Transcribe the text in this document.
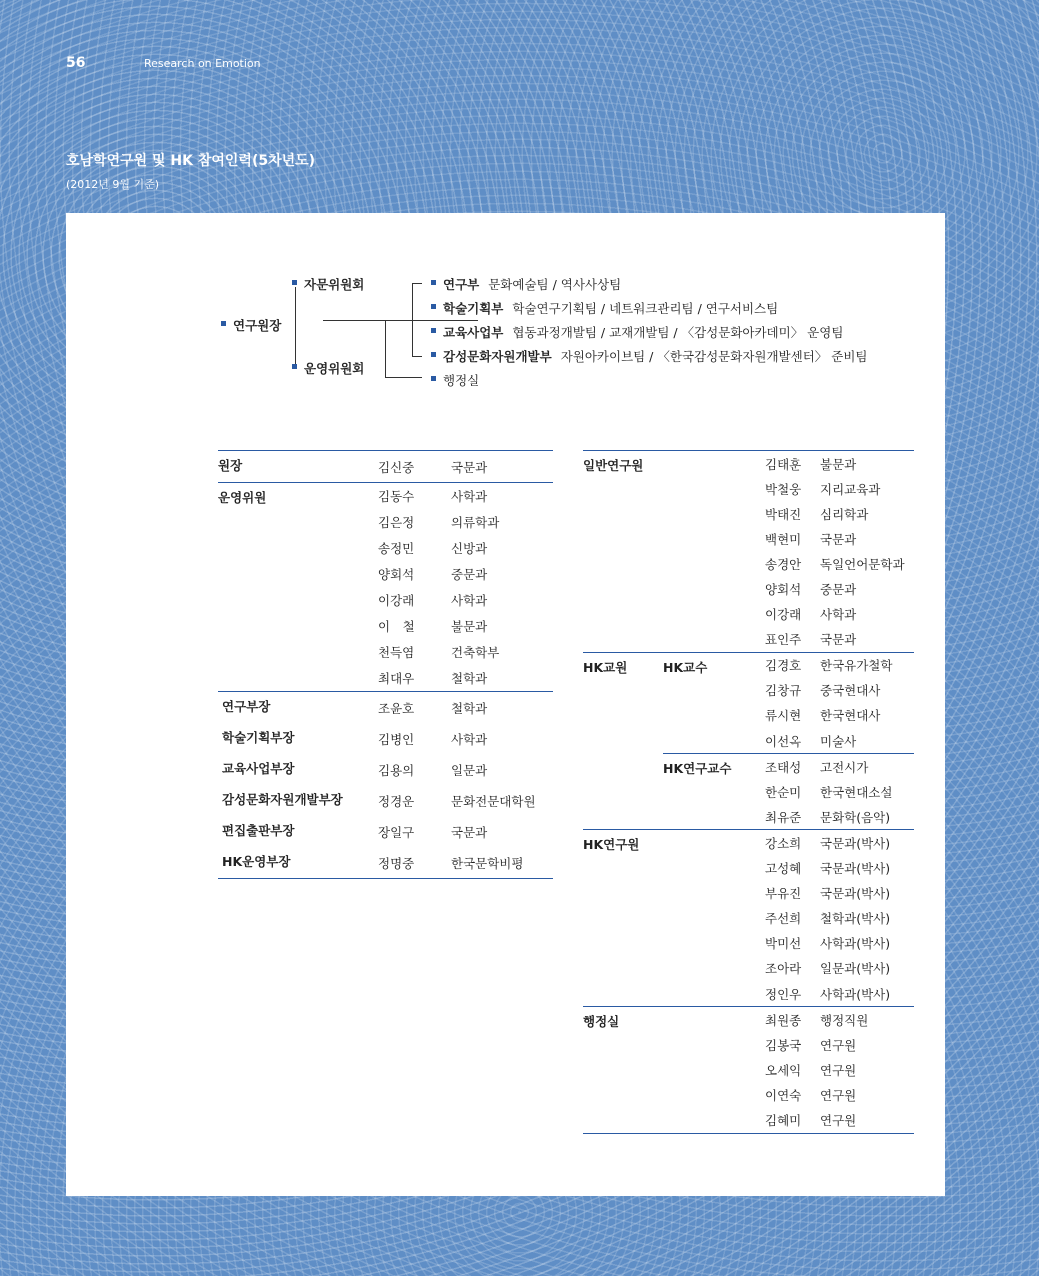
56	Research on Emotion
호남학연구원 및 HK 참여인력(5차년도)
(2012년 9월 기준)
연구원장
자문위원회
운영위원회
연구부 문화예술팀 / 역사사상팀
학술기획부 학술연구기획팀 / 네트워크관리팀 / 연구서비스팀
교육사업부 협동과정개발팀 / 교재개발팀 / 〈감성문화아카데미〉 운영팀
감성문화자원개발부 자원아카이브팀 / 〈한국감성문화자원개발센터〉 준비팀
행정실
원장	김신중	국문과
운영위원	김동수	사학과
	김은정	의류학과
	송정민	신방과
	양회석	중문과
	이강래	사학과
	이　철	불문과
	천득염	건축학부
	최대우	철학과
연구부장	조윤호	철학과
학술기획부장	김병인	사학과
교육사업부장	김용의	일문과
감성문화자원개발부장	정경운	문화전문대학원
편집출판부장	장일구	국문과
HK운영부장	정명중	한국문학비평
일반연구원		김태훈	불문과
		박철웅	지리교육과
		박태진	심리학과
		백현미	국문과
		송경안	독일언어문학과
		양회석	중문과
		이강래	사학과
		표인주	국문과
HK교원	HK교수	김경호	한국유가철학
		김창규	중국현대사
		류시현	한국현대사
		이선옥	미술사
	HK연구교수	조태성	고전시가
		한순미	한국현대소설
		최유준	문화학(음악)
HK연구원		강소희	국문과(박사)
		고성혜	국문과(박사)
		부유진	국문과(박사)
		주선희	철학과(박사)
		박미선	사학과(박사)
		조아라	일문과(박사)
		정인우	사학과(박사)
행정실		최원종	행정직원
		김봉국	연구원
		오세익	연구원
		이연숙	연구원
		김혜미	연구원
